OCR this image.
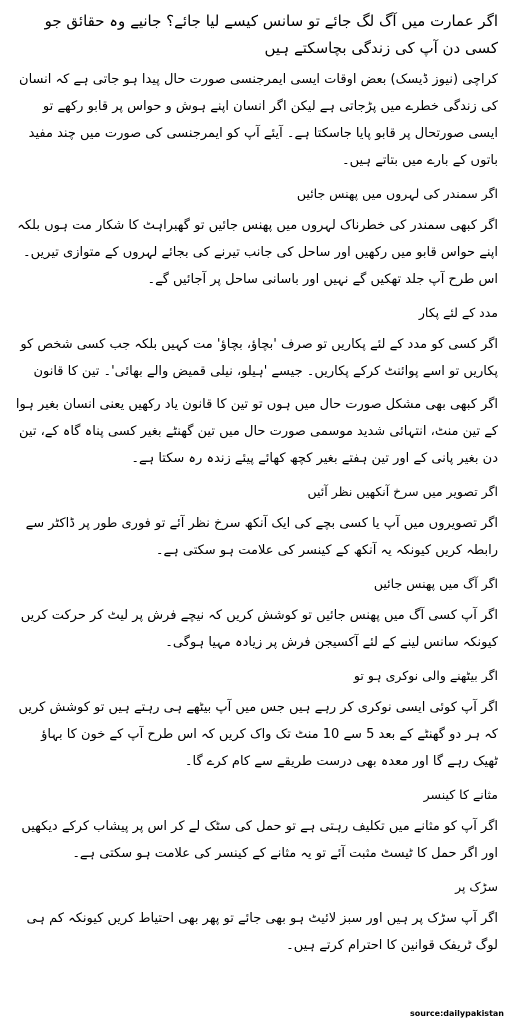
اگر عمارت میں آگ لگ جائے تو سانس کیسے لیا جائے؟ جانیے وہ حقائق جو کسی دن آپ کی زندگی بچاسکتے ہیں
کراچی (نیوز ڈیسک) بعض اوقات ایسی ایمرجنسی صورت حال پیدا ہو جاتی ہے کہ انسان کی زندگی خطرے میں پڑجاتی ہے لیکن اگر انسان اپنے ہوش و حواس پر قابو رکھے تو ایسی صورتحال پر قابو پایا جاسکتا ہے۔ آیئے آپ کو ایمرجنسی کی صورت میں چند مفید باتوں کے بارے میں بتاتے ہیں۔
اگر سمندر کی لہروں میں پھنس جائیں
اگر کبھی سمندر کی خطرناک لہروں میں پھنس جائیں تو گھبراہٹ کا شکار مت ہوں بلکہ اپنے حواس قابو میں رکھیں اور ساحل کی جانب تیرنے کی بجائے لہروں کے متوازی تیریں۔ اس طرح آپ جلد تھکیں گے نہیں اور باسانی ساحل پر آجائیں گے۔
مدد کے لئے پکار
اگر کسی کو مدد کے لئے پکاریں تو صرف 'بچاؤ، بچاؤ' مت کہیں بلکہ جب کسی شخص کو پکاریں تو اسے پوائنٹ کرکے پکاریں۔ جیسے 'ہیلو، نیلی قمیض والے بھائی'۔ تین کا قانون
اگر کبھی بھی مشکل صورت حال میں ہوں تو تین کا قانون یاد رکھیں یعنی انسان بغیر ہوا کے تین منٹ، انتہائی شدید موسمی صورت حال میں تین گھنٹے بغیر کسی پناہ گاہ کے، تین دن بغیر پانی کے اور تین ہفتے بغیر کچھ کھائے پیئے زندہ رہ سکتا ہے۔
اگر تصویر میں سرخ آنکھیں نظر آئیں
اگر تصویروں میں آپ یا کسی بچے کی ایک آنکھ سرخ نظر آئے تو فوری طور پر ڈاکٹر سے رابطہ کریں کیونکہ یہ آنکھ کے کینسر کی علامت ہو سکتی ہے۔
اگر آگ میں پھنس جائیں
اگر آپ کسی آگ میں پھنس جائیں تو کوشش کریں کہ نیچے فرش پر لیٹ کر حرکت کریں کیونکہ سانس لینے کے لئے آکسیجن فرش پر زیادہ مہیا ہوگی۔
اگر بیٹھنے والی نوکری ہو تو
اگر آپ کوئی ایسی نوکری کر رہے ہیں جس میں آپ بیٹھے ہی رہتے ہیں تو کوشش کریں کہ ہر دو گھنٹے کے بعد 5 سے 10 منٹ تک واک کریں کہ اس طرح آپ کے خون کا بہاؤ ٹھیک رہے گا اور معدہ بھی درست طریقے سے کام کرے گا۔
مثانے کا کینسر
اگر آپ کو مثانے میں تکلیف رہتی ہے تو حمل کی سٹک لے کر اس پر پیشاب کرکے دیکھیں اور اگر حمل کا ٹیسٹ مثبت آئے تو یہ مثانے کے کینسر کی علامت ہو سکتی ہے۔
سڑک پر
اگر آپ سڑک پر ہیں اور سبز لائیٹ ہو بھی جائے تو پھر بھی احتیاط کریں کیونکہ کم ہی لوگ ٹریفک قوانین کا احترام کرتے ہیں۔
source:dailypakistan
